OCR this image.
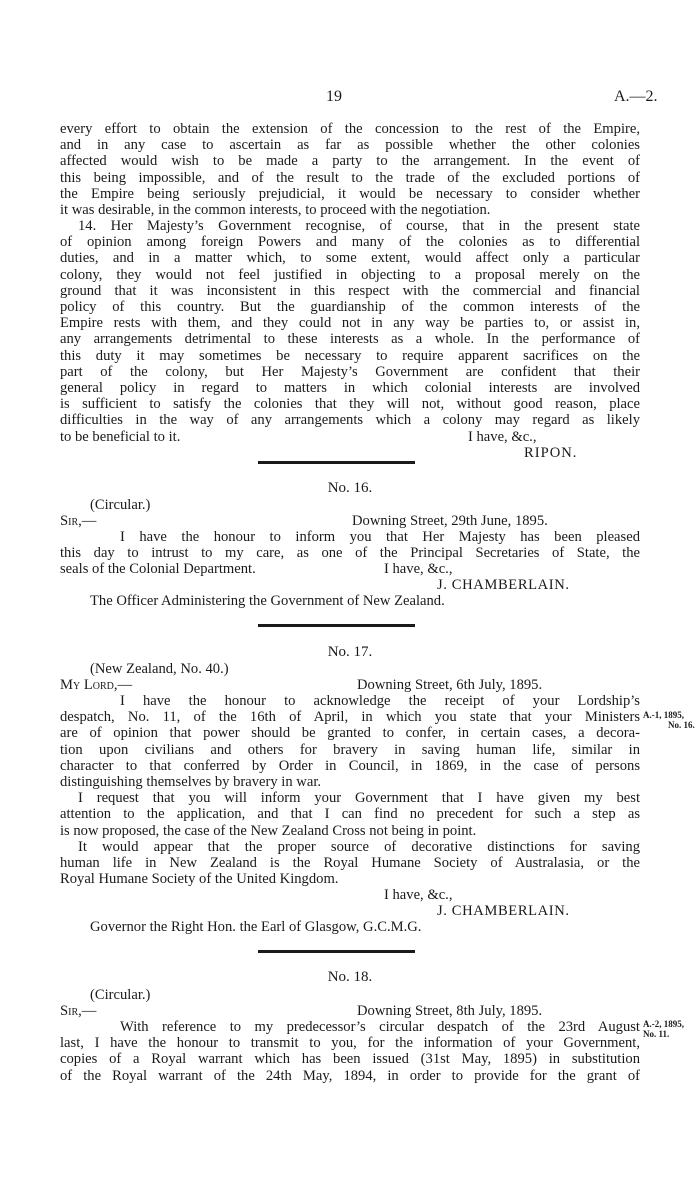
19	A.—2.
every effort to obtain the extension of the concession to the rest of the Empire,
and in any case to ascertain as far as possible whether the other colonies
affected would wish to be made a party to the arrangement. In the event of
this being impossible, and of the result to the trade of the excluded portions of
the Empire being seriously prejudicial, it would be necessary to consider whether
it was desirable, in the common interests, to proceed with the negotiation.
14. Her Majesty’s Government recognise, of course, that in the present state
of opinion among foreign Powers and many of the colonies as to differential
duties, and in a matter which, to some extent, would affect only a particular
colony, they would not feel justified in objecting to a proposal merely on the
ground that it was inconsistent in this respect with the commercial and financial
policy of this country. But the guardianship of the common interests of the
Empire rests with them, and they could not in any way be parties to, or assist in,
any arrangements detrimental to these interests as a whole. In the performance of
this duty it may sometimes be necessary to require apparent sacrifices on the
part of the colony, but Her Majesty’s Government are confident that their
general policy in regard to matters in which colonial interests are involved
is sufficient to satisfy the colonies that they will not, without good reason, place
difficulties in the way of any arrangements which a colony may regard as likely
to be beneficial to it.	I have, &c.,
RIPON.
No. 16.
(Circular.)
Sir,—	Downing Street, 29th June, 1895.
I have the honour to inform you that Her Majesty has been pleased
this day to intrust to my care, as one of the Principal Secretaries of State, the
seals of the Colonial Department.	I have, &c.,
J. CHAMBERLAIN.
The Officer Administering the Government of New Zealand.
No. 17.
(New Zealand, No. 40.)
My Lord,—	Downing Street, 6th July, 1895.
I have the honour to acknowledge the receipt of your Lordship’s
despatch, No. 11, of the 16th of April, in which you state that your Ministers
are of opinion that power should be granted to confer, in certain cases, a decora-
tion upon civilians and others for bravery in saving human life, similar in
character to that conferred by Order in Council, in 1869, in the case of persons
distinguishing themselves by bravery in war.
I request that you will inform your Government that I have given my best
attention to the application, and that I can find no precedent for such a step as
is now proposed, the case of the New Zealand Cross not being in point.
It would appear that the proper source of decorative distinctions for saving
human life in New Zealand is the Royal Humane Society of Australasia, or the
Royal Humane Society of the United Kingdom.
A.-1, 1895,
No. 16.
I have, &c.,
J. CHAMBERLAIN.
Governor the Right Hon. the Earl of Glasgow, G.C.M.G.
No. 18.
(Circular.)
Sir,—	Downing Street, 8th July, 1895.
With reference to my predecessor’s circular despatch of the 23rd August
last, I have the honour to transmit to you, for the information of your Government,
copies of a Royal warrant which has been issued (31st May, 1895) in substitution
of the Royal warrant of the 24th May, 1894, in order to provide for the grant of
A.-2, 1895,
No. 11.
